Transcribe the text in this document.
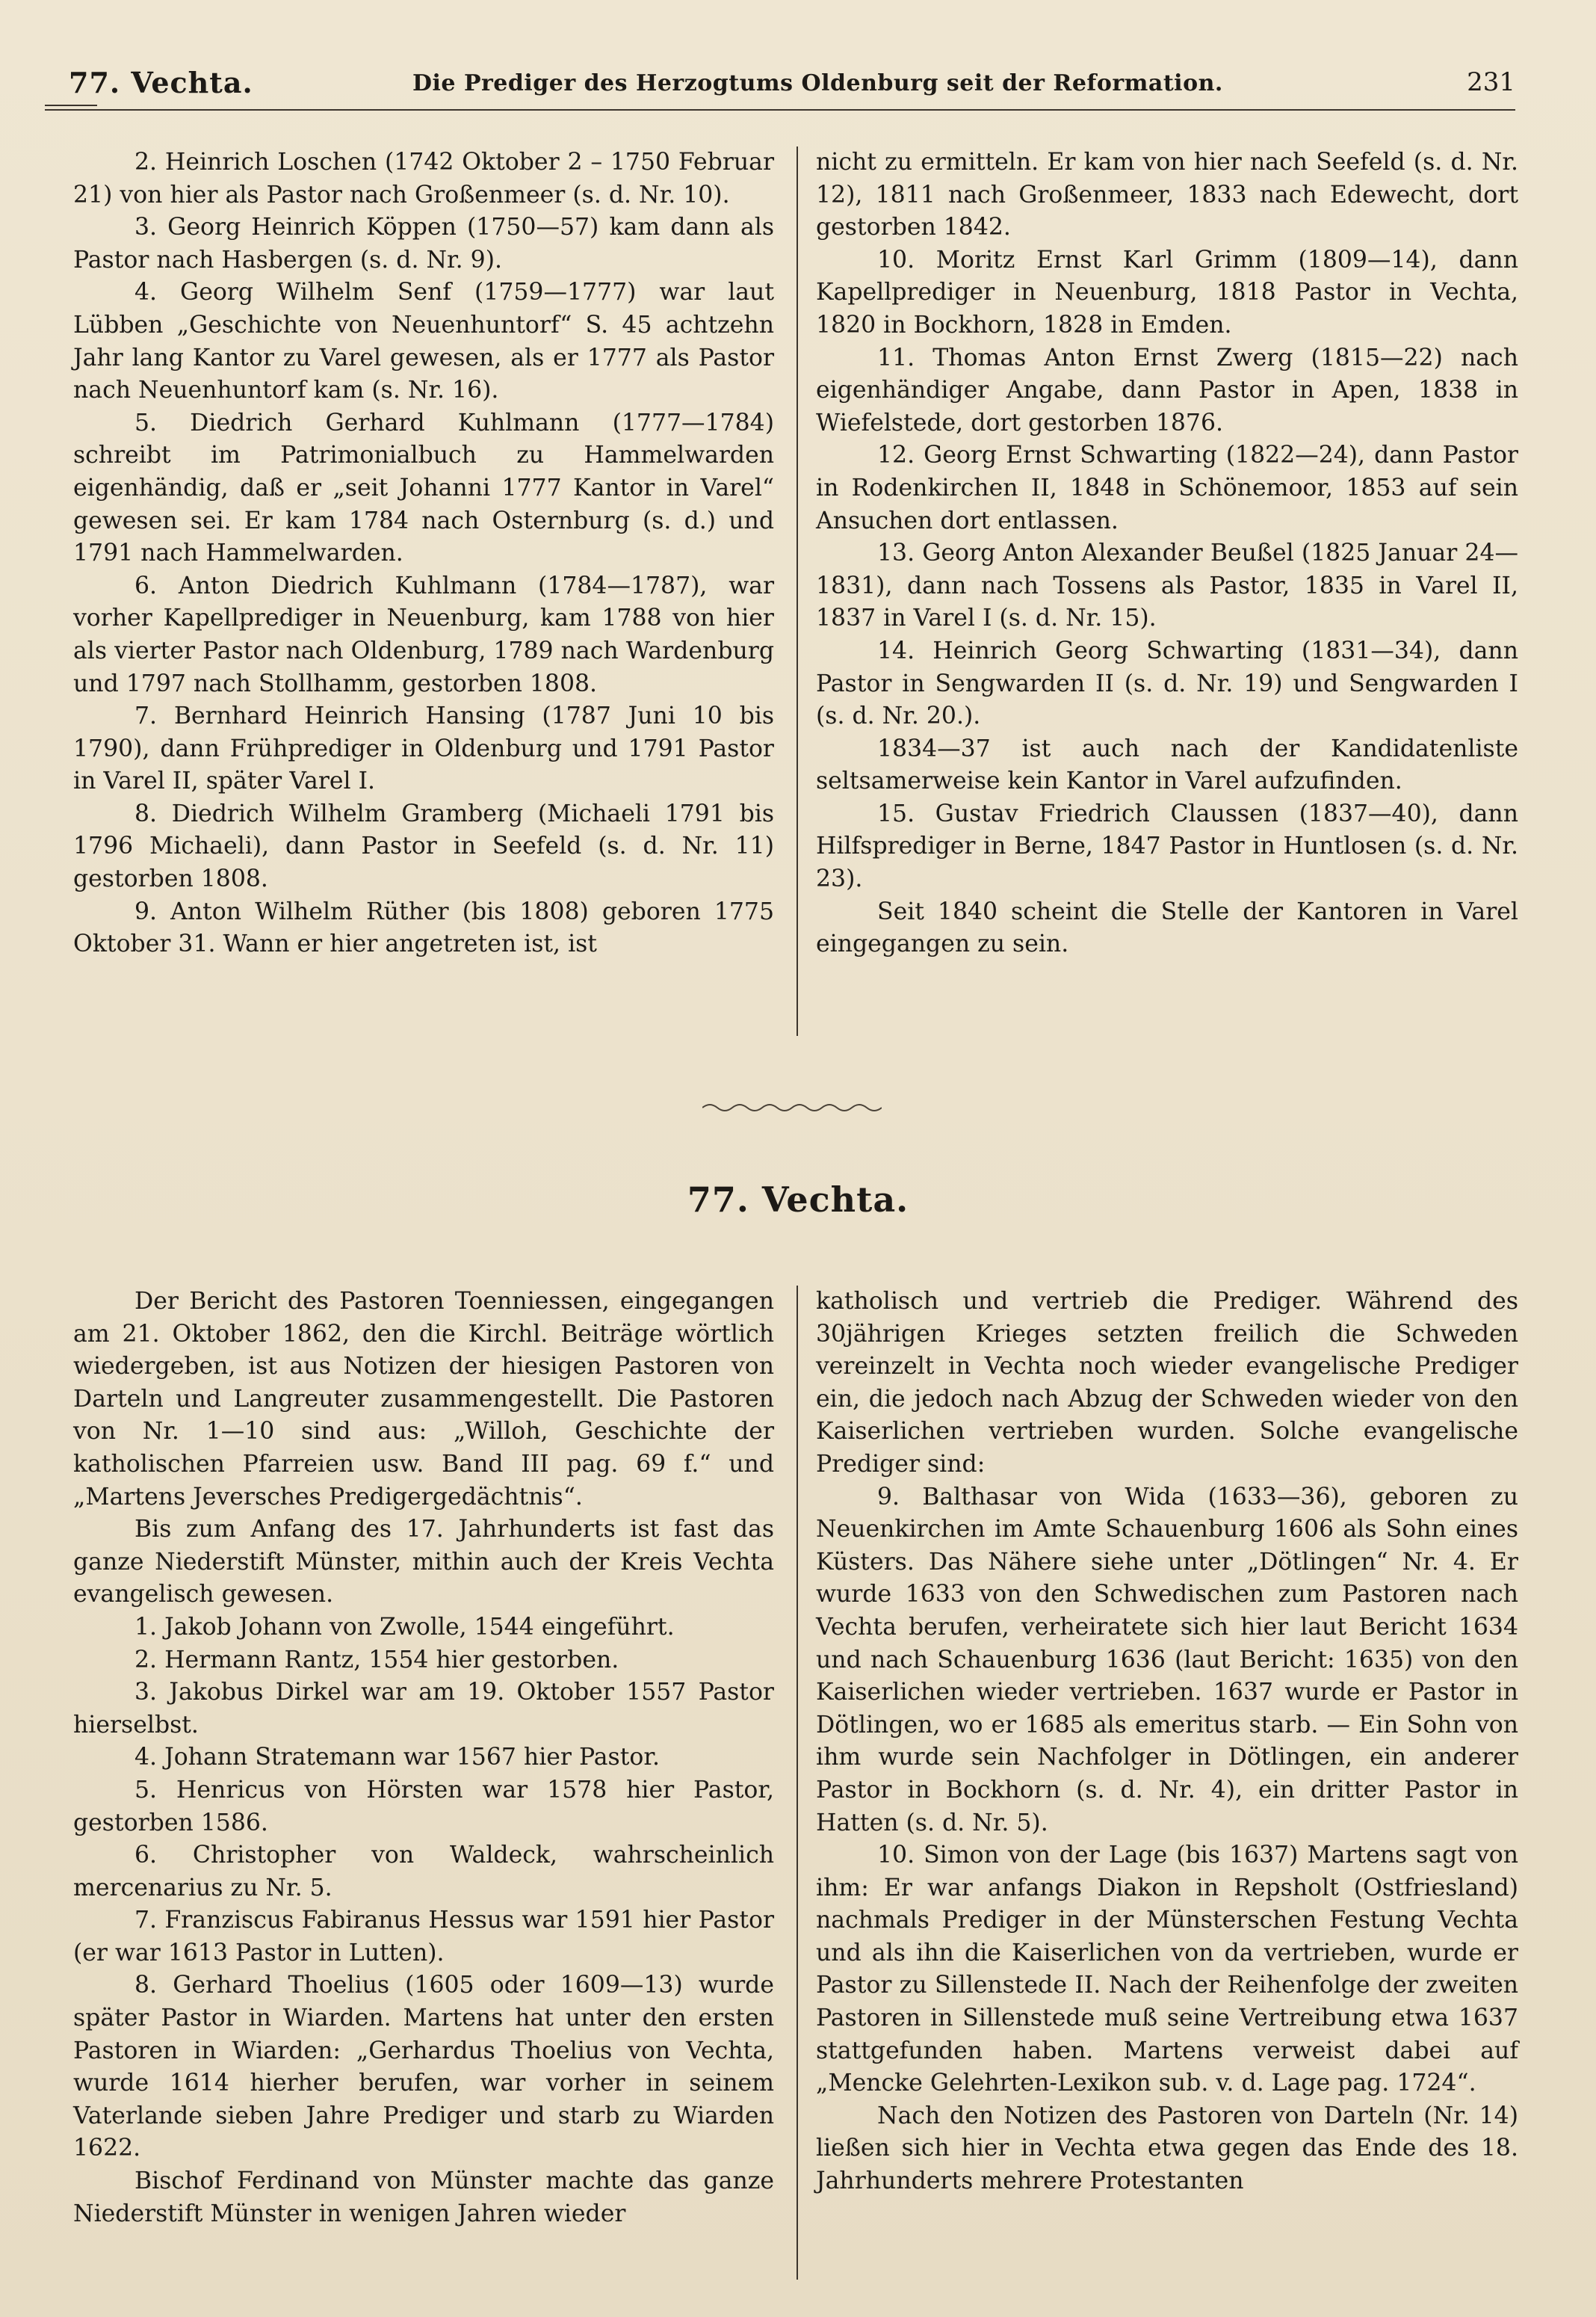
77. Vechta.	Die Prediger des Herzogtums Oldenburg seit der Reformation.	231

2. Heinrich Loschen (1742 Oktober 2 – 1750 Februar 21) von hier als Pastor nach Großenmeer (s. d. Nr. 10).

3. Georg Heinrich Köppen (1750—57) kam dann als Pastor nach Hasbergen (s. d. Nr. 9).

4. Georg Wilhelm Senf (1759—1777) war laut Lübben „Geschichte von Neuenhuntorf“ S. 45 achtzehn Jahr lang Kantor zu Varel gewesen, als er 1777 als Pastor nach Neuenhuntorf kam (s. Nr. 16).

5. Diedrich Gerhard Kuhlmann (1777—1784) schreibt im Patrimonialbuch zu Hammelwarden eigenhändig, daß er „seit Johanni 1777 Kantor in Varel“ gewesen sei. Er kam 1784 nach Osternburg (s. d.) und 1791 nach Hammelwarden.

6. Anton Diedrich Kuhlmann (1784—1787), war vorher Kapellprediger in Neuenburg, kam 1788 von hier als vierter Pastor nach Oldenburg, 1789 nach Wardenburg und 1797 nach Stollhamm, gestorben 1808.

7. Bernhard Heinrich Hansing (1787 Juni 10 bis 1790), dann Frühprediger in Oldenburg und 1791 Pastor in Varel II, später Varel I.

8. Diedrich Wilhelm Gramberg (Michaeli 1791 bis 1796 Michaeli), dann Pastor in Seefeld (s. d. Nr. 11) gestorben 1808.

9. Anton Wilhelm Rüther (bis 1808) geboren 1775 Oktober 31. Wann er hier angetreten ist, ist

nicht zu ermitteln. Er kam von hier nach Seefeld (s. d. Nr. 12), 1811 nach Großenmeer, 1833 nach Edewecht, dort gestorben 1842.

10. Moritz Ernst Karl Grimm (1809—14), dann Kapellprediger in Neuenburg, 1818 Pastor in Vechta, 1820 in Bockhorn, 1828 in Emden.

11. Thomas Anton Ernst Zwerg (1815—22) nach eigenhändiger Angabe, dann Pastor in Apen, 1838 in Wiefelstede, dort gestorben 1876.

12. Georg Ernst Schwarting (1822—24), dann Pastor in Rodenkirchen II, 1848 in Schönemoor, 1853 auf sein Ansuchen dort entlassen.

13. Georg Anton Alexander Beußel (1825 Januar 24—1831), dann nach Tossens als Pastor, 1835 in Varel II, 1837 in Varel I (s. d. Nr. 15).

14. Heinrich Georg Schwarting (1831—34), dann Pastor in Sengwarden II (s. d. Nr. 19) und Sengwarden I (s. d. Nr. 20.).

1834—37 ist auch nach der Kandidatenliste seltsamerweise kein Kantor in Varel aufzufinden.

15. Gustav Friedrich Claussen (1837—40), dann Hilfsprediger in Berne, 1847 Pastor in Huntlosen (s. d. Nr. 23).

Seit 1840 scheint die Stelle der Kantoren in Varel eingegangen zu sein.

77. Vechta.

Der Bericht des Pastoren Toenniessen, eingegangen am 21. Oktober 1862, den die Kirchl. Beiträge wörtlich wiedergeben, ist aus Notizen der hiesigen Pastoren von Darteln und Langreuter zusammengestellt. Die Pastoren von Nr. 1—10 sind aus: „Willoh, Geschichte der katholischen Pfarreien usw. Band III pag. 69 f.“ und „Martens Jeversches Predigergedächtnis“.

Bis zum Anfang des 17. Jahrhunderts ist fast das ganze Niederstift Münster, mithin auch der Kreis Vechta evangelisch gewesen.

1. Jakob Johann von Zwolle, 1544 eingeführt.

2. Hermann Rantz, 1554 hier gestorben.

3. Jakobus Dirkel war am 19. Oktober 1557 Pastor hierselbst.

4. Johann Stratemann war 1567 hier Pastor.

5. Henricus von Hörsten war 1578 hier Pastor, gestorben 1586.

6. Christopher von Waldeck, wahrscheinlich mercenarius zu Nr. 5.

7. Franziscus Fabiranus Hessus war 1591 hier Pastor (er war 1613 Pastor in Lutten).

8. Gerhard Thoelius (1605 oder 1609—13) wurde später Pastor in Wiarden. Martens hat unter den ersten Pastoren in Wiarden: „Gerhardus Thoelius von Vechta, wurde 1614 hierher berufen, war vorher in seinem Vaterlande sieben Jahre Prediger und starb zu Wiarden 1622.

Bischof Ferdinand von Münster machte das ganze Niederstift Münster in wenigen Jahren wieder

katholisch und vertrieb die Prediger. Während des 30jährigen Krieges setzten freilich die Schweden vereinzelt in Vechta noch wieder evangelische Prediger ein, die jedoch nach Abzug der Schweden wieder von den Kaiserlichen vertrieben wurden. Solche evangelische Prediger sind:

9. Balthasar von Wida (1633—36), geboren zu Neuenkirchen im Amte Schauenburg 1606 als Sohn eines Küsters. Das Nähere siehe unter „Dötlingen“ Nr. 4. Er wurde 1633 von den Schwedischen zum Pastoren nach Vechta berufen, verheiratete sich hier laut Bericht 1634 und nach Schauenburg 1636 (laut Bericht: 1635) von den Kaiserlichen wieder vertrieben. 1637 wurde er Pastor in Dötlingen, wo er 1685 als emeritus starb. — Ein Sohn von ihm wurde sein Nachfolger in Dötlingen, ein anderer Pastor in Bockhorn (s. d. Nr. 4), ein dritter Pastor in Hatten (s. d. Nr. 5).

10. Simon von der Lage (bis 1637) Martens sagt von ihm: Er war anfangs Diakon in Repsholt (Ostfriesland) nachmals Prediger in der Münsterschen Festung Vechta und als ihn die Kaiserlichen von da vertrieben, wurde er Pastor zu Sillenstede II. Nach der Reihenfolge der zweiten Pastoren in Sillenstede muß seine Vertreibung etwa 1637 stattgefunden haben. Martens verweist dabei auf „Mencke Gelehrten-Lexikon sub. v. d. Lage pag. 1724“.

Nach den Notizen des Pastoren von Darteln (Nr. 14) ließen sich hier in Vechta etwa gegen das Ende des 18. Jahrhunderts mehrere Protestanten
